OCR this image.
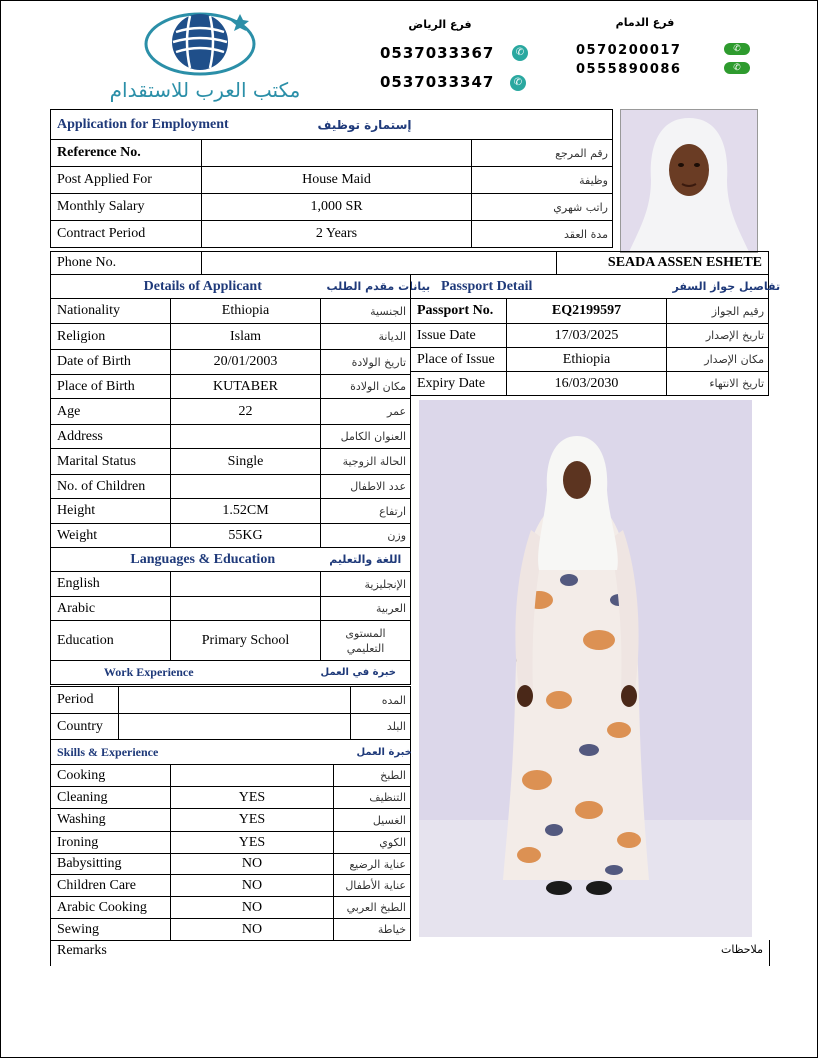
مكتب العرب للاستقدام
فرع الرياض
0537033367	✆
0537033347	✆
فرع الدمام
0570200017	✆
0555890086	✆
Application for Employment	إستمارة توظيف	
Reference No.		رقم المرجع
Post Applied For	House Maid	وظيفة
Monthly Salary	1,000 SR	راتب شهري
Contract Period	2 Years	مدة العقد
Phone No.		SEADA ASSEN ESHETE
Details of Applicant		بيانات مقدم الطلب
Nationality	Ethiopia	الجنسية
Religion	Islam	الديانة
Date of Birth	20/01/2003	تاريخ الولادة
Place of Birth	KUTABER	مكان الولادة
Age	22	عمر
Address		العنوان الكامل
Marital Status	Single	الحالة الزوجية
No. of Children		عدد الاطفال
Height	1.52CM	ارتفاع
Weight	55KG	وزن
Languages & Education		اللغة والتعليم
English		الإنجليزية
Arabic		العربية
Education	Primary School	المستوى التعليمي
Work Experience		خبرة في العمل
Period		المده
Country		البلد
Skills & Experience		خبرة العمل
Cooking		الطبخ
Cleaning	YES	التنظيف
Washing	YES	الغسيل
Ironing	YES	الكوي
Babysitting	NO	عناية الرضيع
Children Care	NO	عناية الأطفال
Arabic Cooking	NO	الطبخ العربي
Sewing	NO	خياطة
Remarks	ملاحظات
Passport Detail		تفاصيل جواز السفر
Passport No.	EQ2199597	رقيم الجواز
Issue Date	17/03/2025	تاريخ الإصدار
Place of Issue	Ethiopia	مكان الإصدار
Expiry Date	16/03/2030	تاريخ الانتهاء
